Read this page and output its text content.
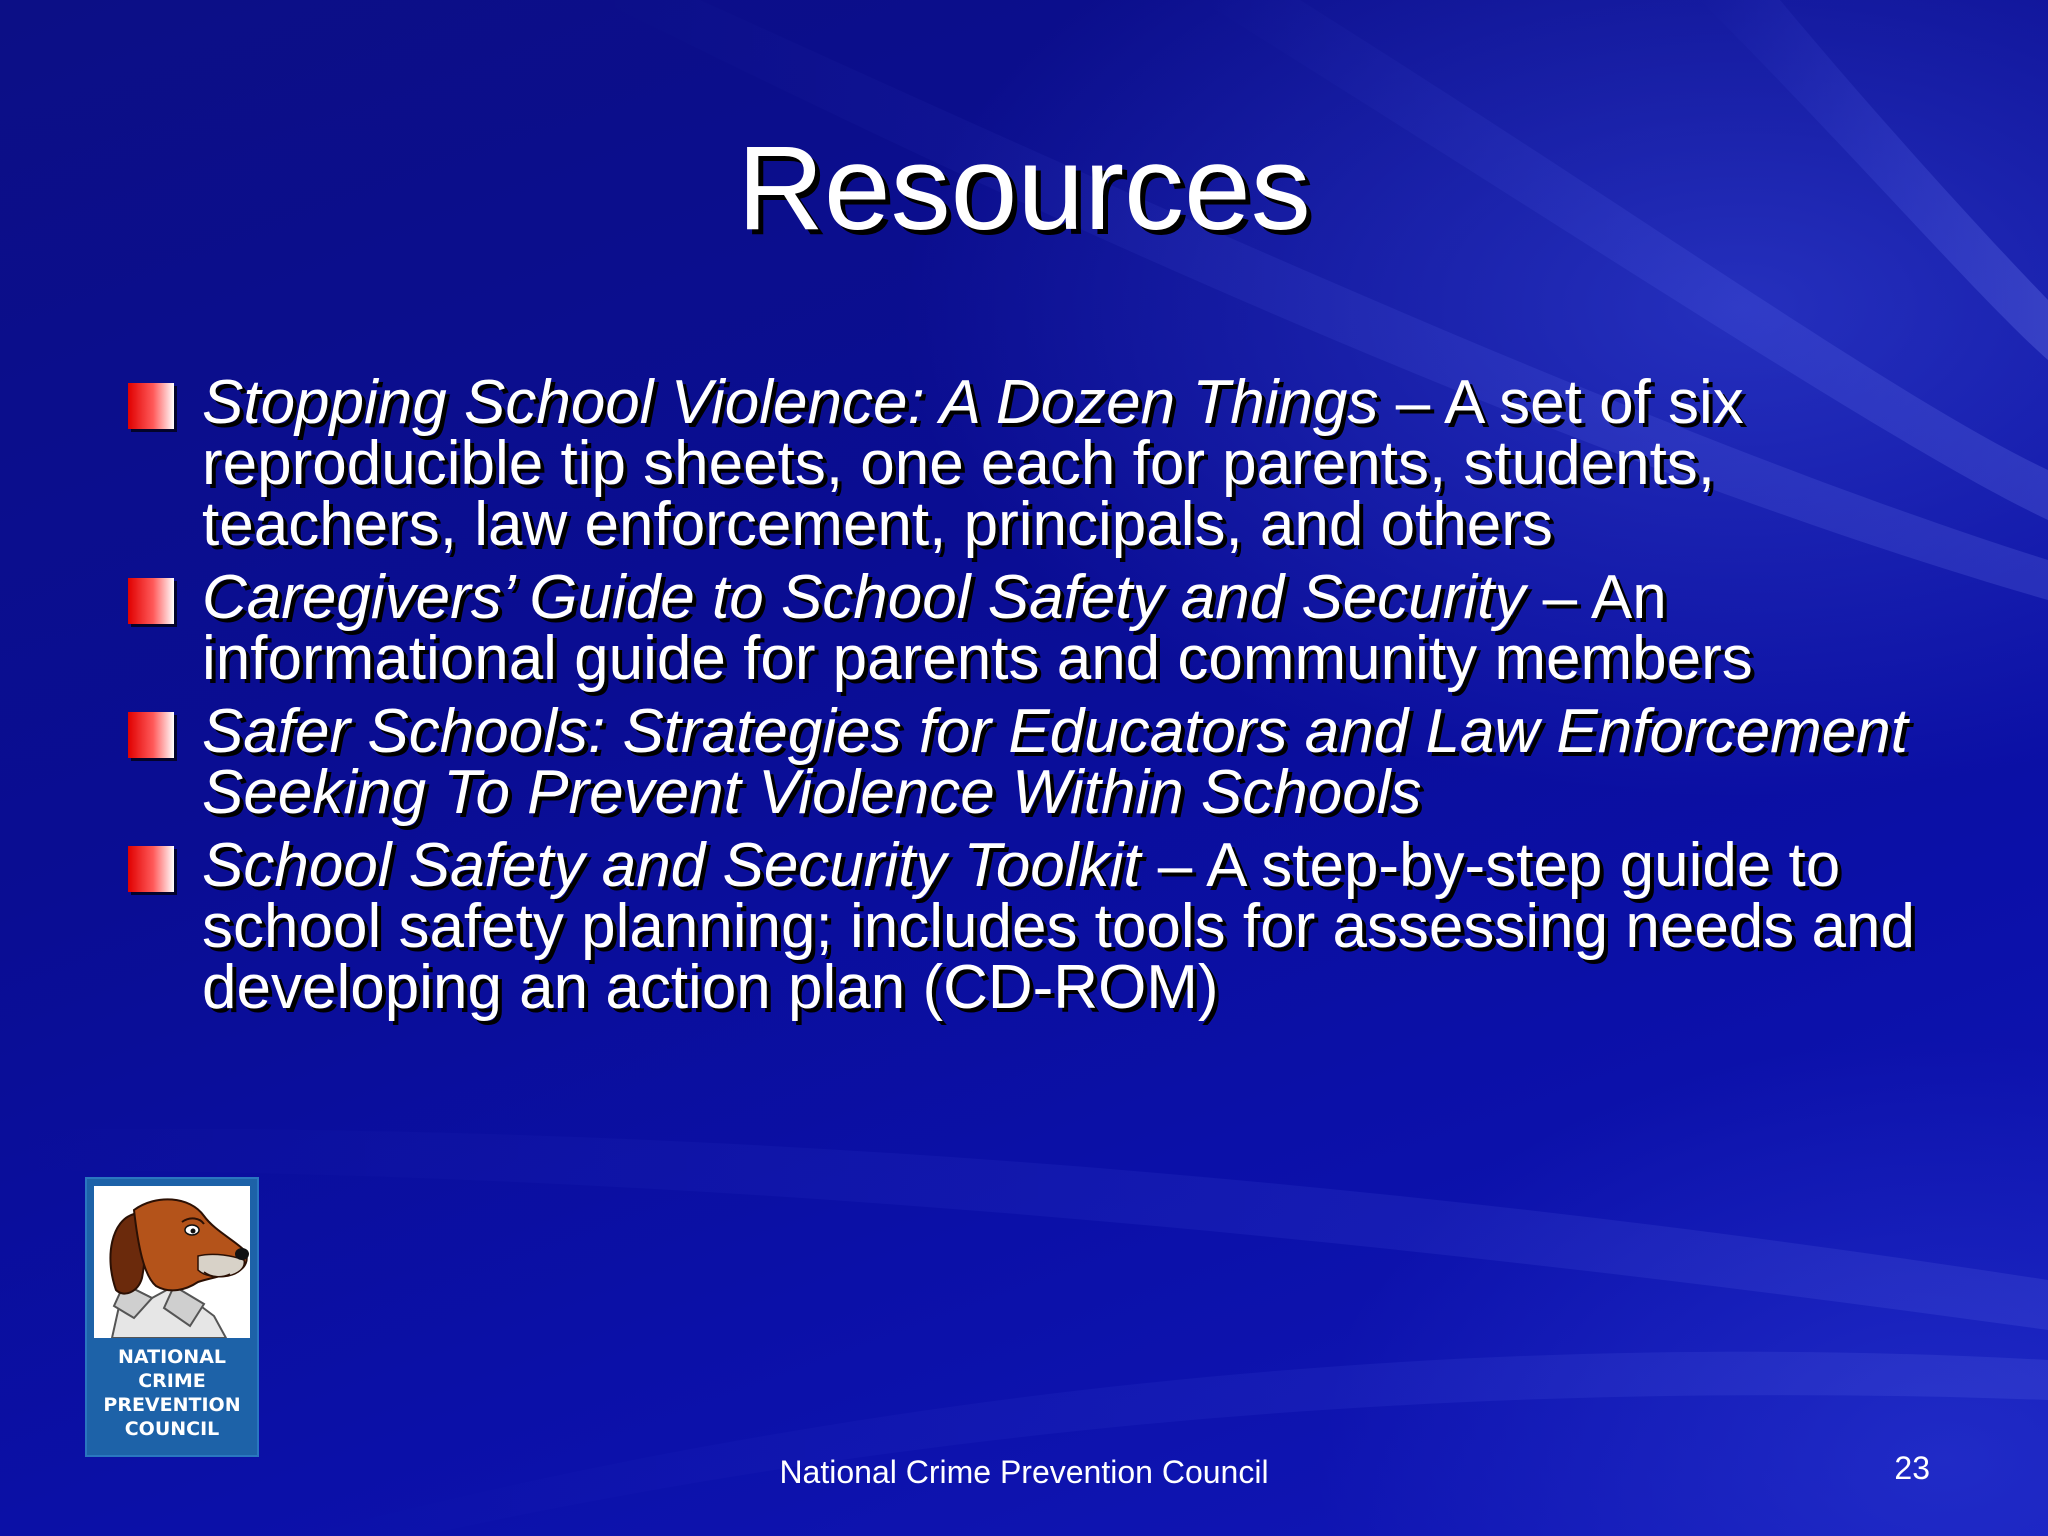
Resources
Stopping School Violence: A Dozen Things – A set of six reproducible tip sheets, one each for parents, students, teachers, law enforcement, principals, and others
Caregivers’ Guide to School Safety and Security – An informational guide for parents and community members
Safer Schools: Strategies for Educators and Law Enforcement Seeking To Prevent Violence Within Schools
School Safety and Security Toolkit – A step-by-step guide to school safety planning; includes tools for assessing needs and developing an action plan (CD-ROM)
NATIONAL
CRIME
PREVENTION
COUNCIL
National Crime Prevention Council	23
